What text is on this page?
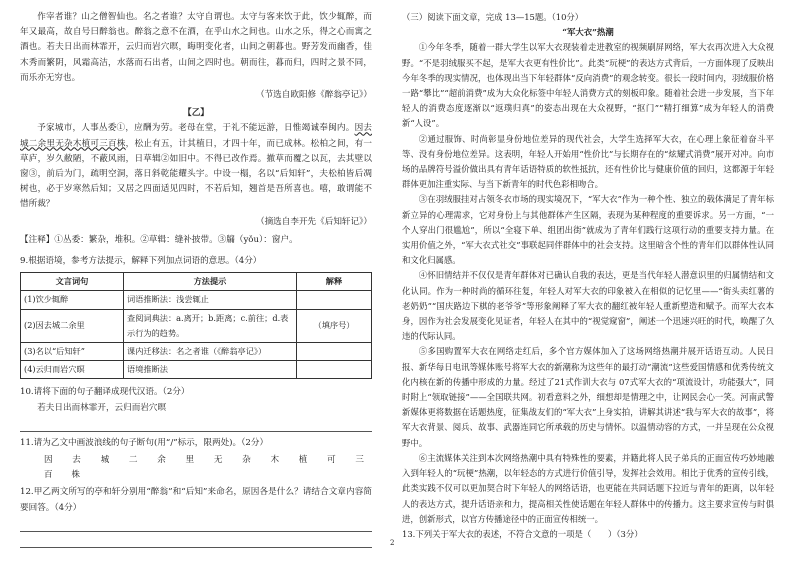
作宰者谁？山之僧智仙也。名之者谁？太守自谓也。太守与客来饮于此，饮少辄醉，而年又最高，故自号曰醉翁也。醉翁之意不在酒，在乎山水之间也。山水之乐，得之心而寓之酒也。若夫日出而林霏开，云归而岩穴暝，晦明变化者，山间之朝暮也。野芳发而幽香，佳木秀而繁阴，风霜高洁，水落而石出者，山间之四时也。朝而往，暮而归，四时之景不同，而乐亦无穷也。

（节选自欧阳修《醉翁亭记》）

【乙】

予家城市，人事丛委①，应酬为劳。老母在堂，于礼不能远游，日惟竭诚奉闽内。因去城二余里无杂木植可三百株，松止有五，计其植日，才四十年，而已成林。松柏之间，有一草庐，岁久敝陋，不蔽风雨，日草辑②如旧中。不得已改作焉。撤草而覆之以瓦，去其壁以窗③，前后为门，疏明空洞，落日斜乾能耀头宇。中设一榻，名以“后知轩”，夫松柏皆后凋树也，必于岁寒然后知；又居之四面适见四时，不若后知，翘首是吾所喜也。嘻，敢谓能不惜所裁？

（摘选自李开先《后知轩记》）

【注释】①丛委：繁杂，堆积。②草辑：缝补披带。③牖（yǒu）：窗户。

9.根据语境，参考方法提示，解释下列加点词语的意思。（4分）

文言词句	方法提示	解释
(1)饮少辄醉	词语推断法：浅尝辄止	
(2)因去城二余里	查阅词典法：a.离开；b.距离；c.前往；d.表示行为的趋势。	（填序号）
(3)名以“后知轩”	课内迁移法：名之者谁（《醉翁亭记》）	
(4)云归而岩穴暝	语境推断法	

10.请将下面的句子翻译成现代汉语。（2分）

若夫日出而林霏开，云归而岩穴暝

11.请为乙文中画波浪线的句子断句(用“/”标示，限两处)。（2分）

因 去 城 二 余 里 无 杂 木 植 可 三 百 株

12.甲乙两文所写的亭和轩分别用“醉翁”和“后知”来命名，原因各是什么？请结合文章内容简要回答。（4分）

（三）阅读下面文章，完成 13—15题。（10分）

“军大衣”热潮

①今年冬季，随着一群大学生以军大衣现装着走进教室的视频刷屏网络，军大衣再次进入大众视野。“不是羽绒服买不起，是军大衣更有性价比”。此类“玩梗”的表达方式背后，一方面体现了反映出今年冬季的现实情况，也体现出当下年轻群体“反向消费”的观念转变。很长一段时间内，羽绒服价格一路“攀比”“超前消费”成为大众化标签中年轻人消费方式的刻板印象。随着社会进一步发展，当下年轻人的消费态度逐渐以“返璞归真”的姿态出现在大众视野，“抠门”“精打细算”成为年轻人的消费新“人设”。

②通过服饰、时尚彰显身份地位差异的现代社会，大学生选择军大衣，在心理上象征着奋斗平等、没有身份地位差异。这表明，年轻人开始用“性价比”与长期存在的“炫耀式消费”展开对冲。向市场的品牌符号溢价做出具有青年话语特质的软性抵抗，还有性价比与健康价值的回归，这都源于年轻群体更加注重实际、与当下新青年的时代色彩相吻合。

③在羽绒服挂对占领冬衣市场的现实境况下，“军大衣”作为一种个性、独立的载体满足了青年标新立异的心理需求，它对身份上与其他群体产生区隔，表现为某种程度的重要诉求。另一方面，“一个人穿出门很尴尬”，所以“全寝下单、组团出街”就成为了青年们践行这项行动的重要支持力量。在实用价值之外，“军大衣式社交”事联起同伴群体中的社会支持。这里暗含个性的青年们以群体性认同和文化归属感。

④怀旧情结并不仅仅是青年群体对已确认自我的表达，更是当代年轻人潜意识里的归属情结和文化认同。作为一种时尚的循环往复，年轻人对军大衣的印象被入在相似的记忆里——“街头卖红薯的老奶奶”“国庆路边下棋的老爷爷”等形象阐释了军大衣的翻红被年轻人重新塑造和赋予。而军大衣本身，因作为社会发展变化见证者，年轻人在其中的“视觉窥窗”，阐述一个迅速兴旺的时代，唤醒了久违的代际认同。

⑤多国购置军大衣在网络走红后，多个官方媒体加入了这场网络热潮并展开话语互动。人民日报、新华每日电讯等媒体账号将军大衣的新潮称为这些年的最打动“潮流”这些爱国情感和优秀传统文化内核在新的传播中形成的力量。经过了21式作训大衣与 07式军大衣的“项流设计，功能强大”，同时附上“领取链接”——全国联共网。初看意料之外，细想却是情理之中，让网民会心一笑。河南武警新媒体更将数据在话题热度，征集战友们的“军大衣”上身实拍，讲解其讲述“我与军大衣的故事”，将军大衣背景、阅兵、故事、武器连同它所承载的历史与情怀。以温情动容的方式，一并呈现在公众视野中。

⑥主流媒体关注到本次网络热潮中具有特殊性的要素，并籍此将人民子弟兵的正面宣传巧妙地融入到年轻人的“玩梗”热潮，以年轻态的方式进行价值引导，发挥社会效用。相比于优秀的宣传引线，此类实践不仅可以更加契合时下年轻人的网络话语，也更能在共同话题下拉近与青年的距离，以年轻人的表达方式，提升话语亲和力，提高相关性使话题在年轻人群体中的传播力。这主要求宣传与时俱进，创新形式，以官方传播途径中的正面宣传相统一。

13.下列关于军大衣的表述，不符合文意的一项是（　　）（3分）

2
